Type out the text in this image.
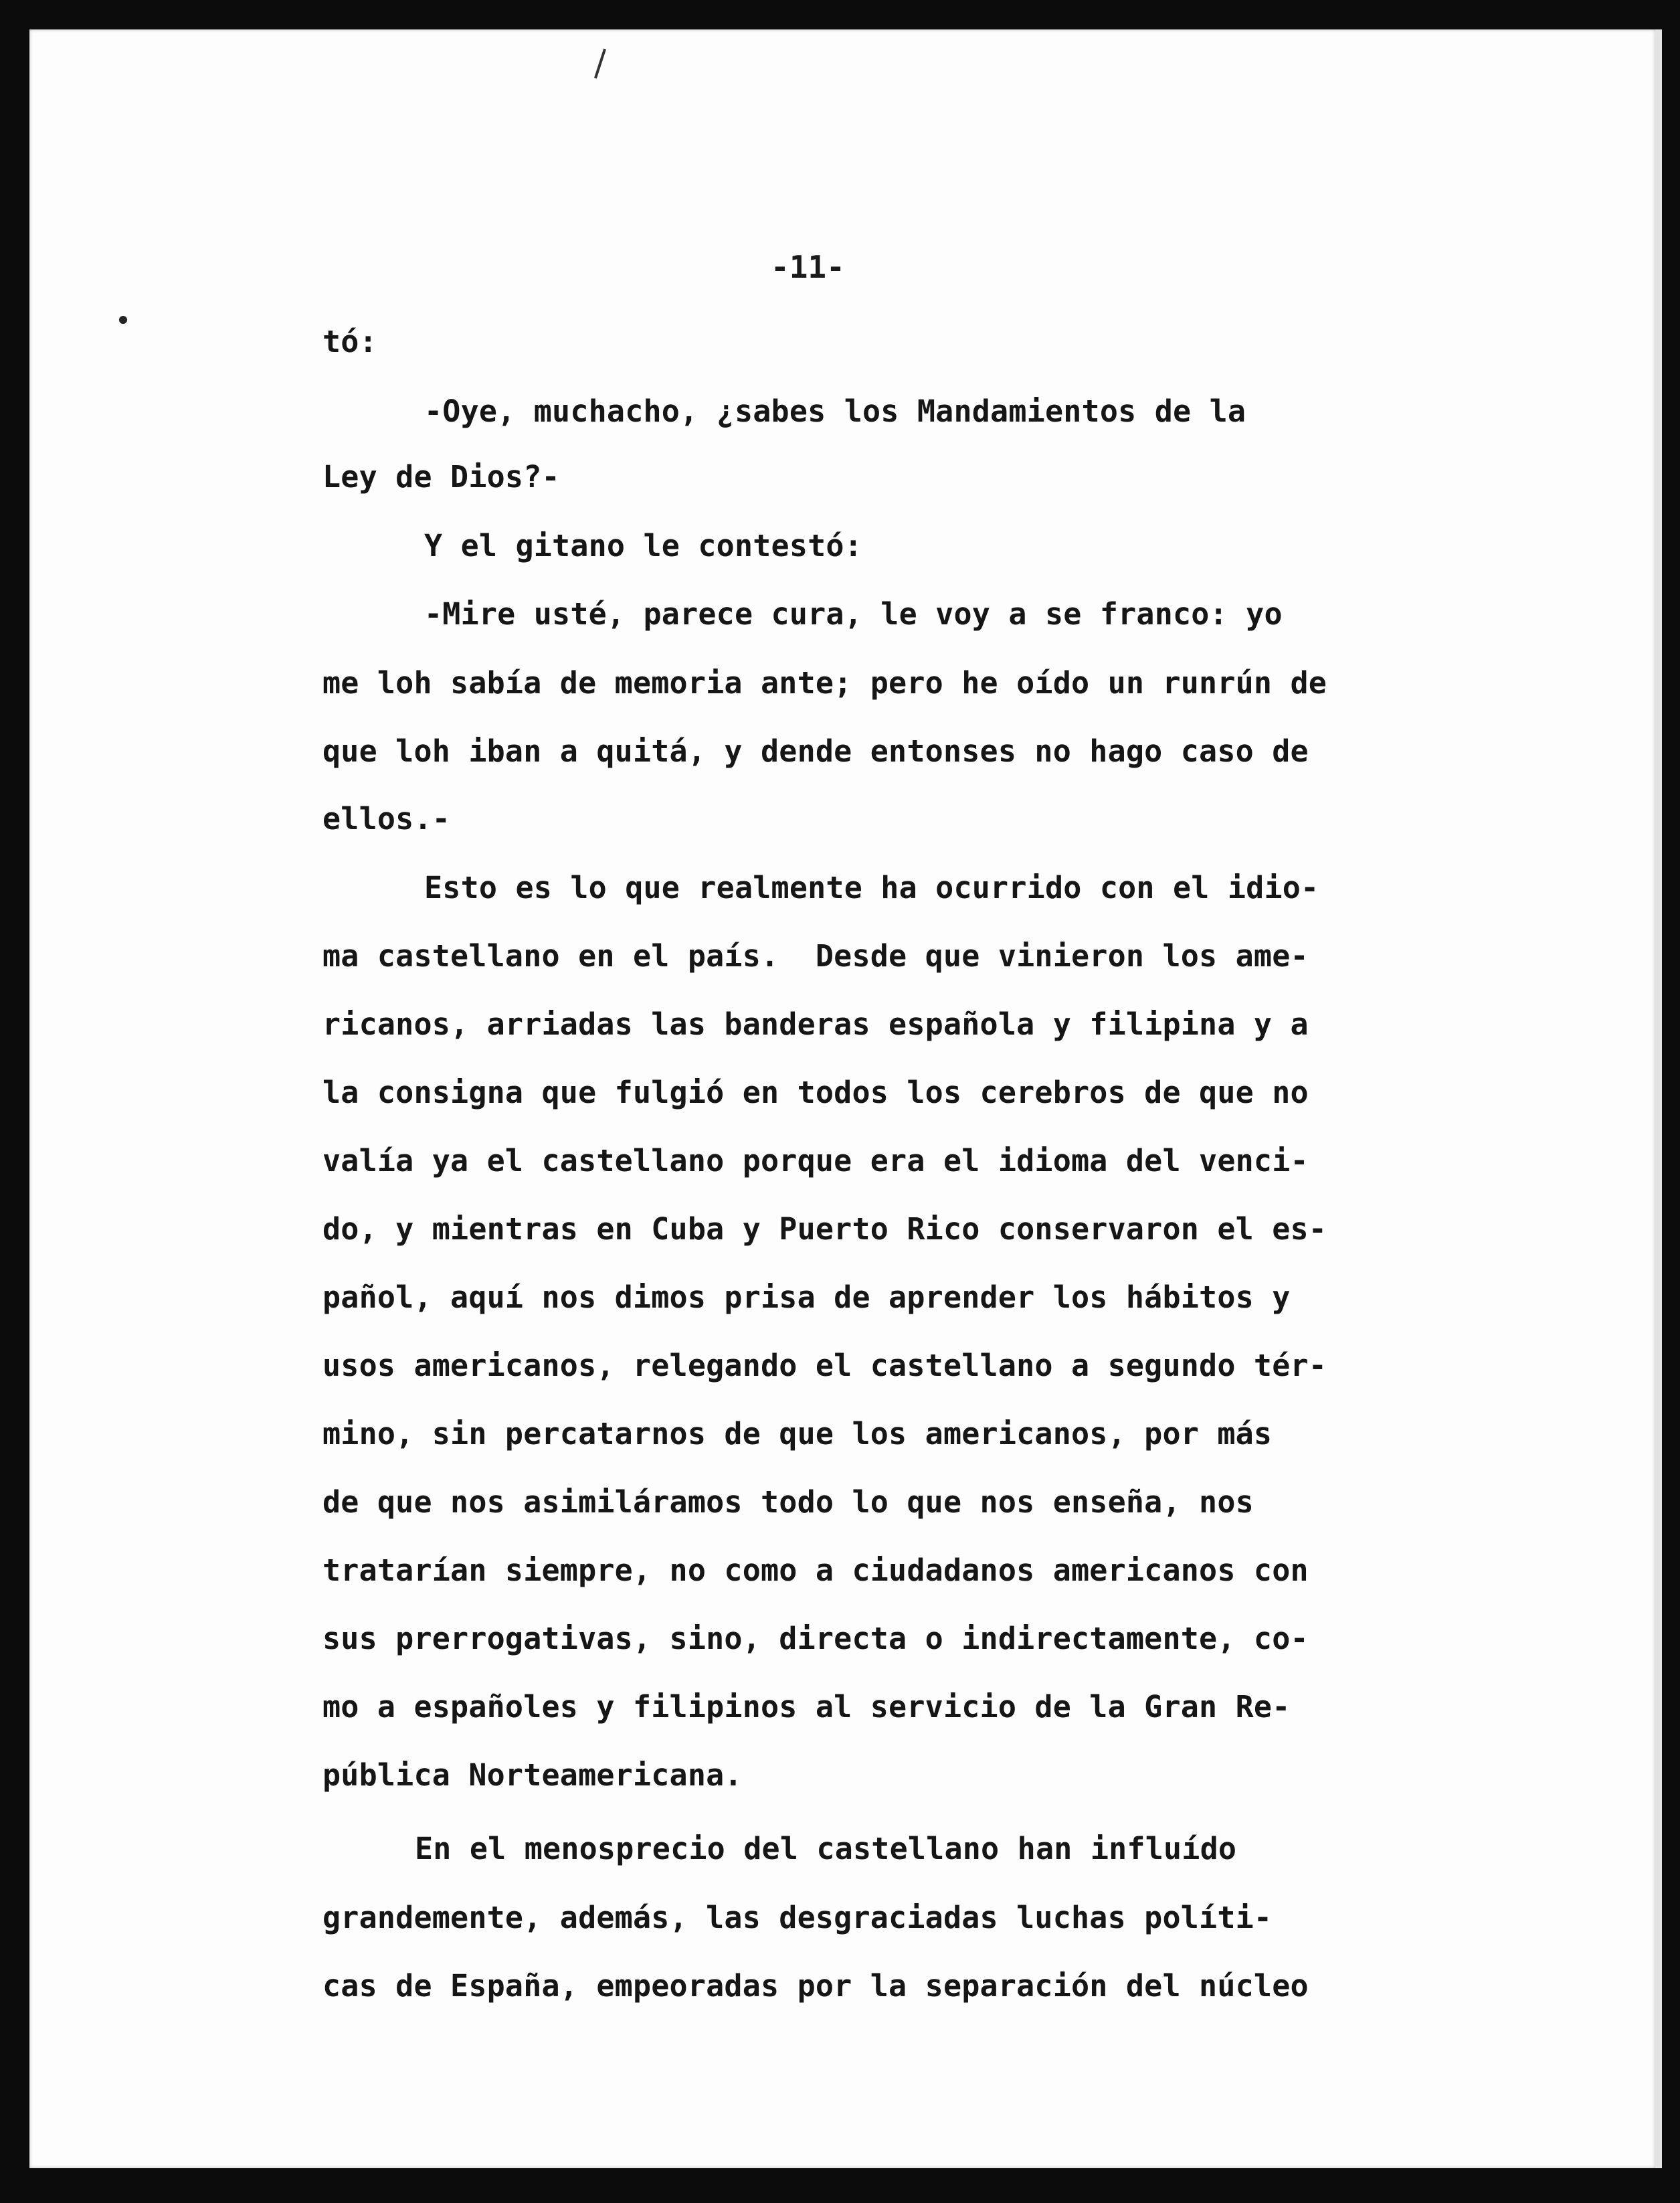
-11-
tó:
-Oye, muchacho, ¿sabes los Mandamientos de la
Ley de Dios?-
Y el gitano le contestó:
-Mire usté, parece cura, le voy a se franco: yo
me loh sabía de memoria ante; pero he oído un runrún de
que loh iban a quitá, y dende entonses no hago caso de
ellos.-
Esto es lo que realmente ha ocurrido con el idio-
ma castellano en el país.  Desde que vinieron los ame-
ricanos, arriadas las banderas española y filipina y a
la consigna que fulgió en todos los cerebros de que no
valía ya el castellano porque era el idioma del venci-
do, y mientras en Cuba y Puerto Rico conservaron el es-
pañol, aquí nos dimos prisa de aprender los hábitos y
usos americanos, relegando el castellano a segundo tér-
mino, sin percatarnos de que los americanos, por más
de que nos asimiláramos todo lo que nos enseña, nos
tratarían siempre, no como a ciudadanos americanos con
sus prerrogativas, sino, directa o indirectamente, co-
mo a españoles y filipinos al servicio de la Gran Re-
pública Norteamericana.
En el menosprecio del castellano han influído
grandemente, además, las desgraciadas luchas políti-
cas de España, empeoradas por la separación del núcleo
